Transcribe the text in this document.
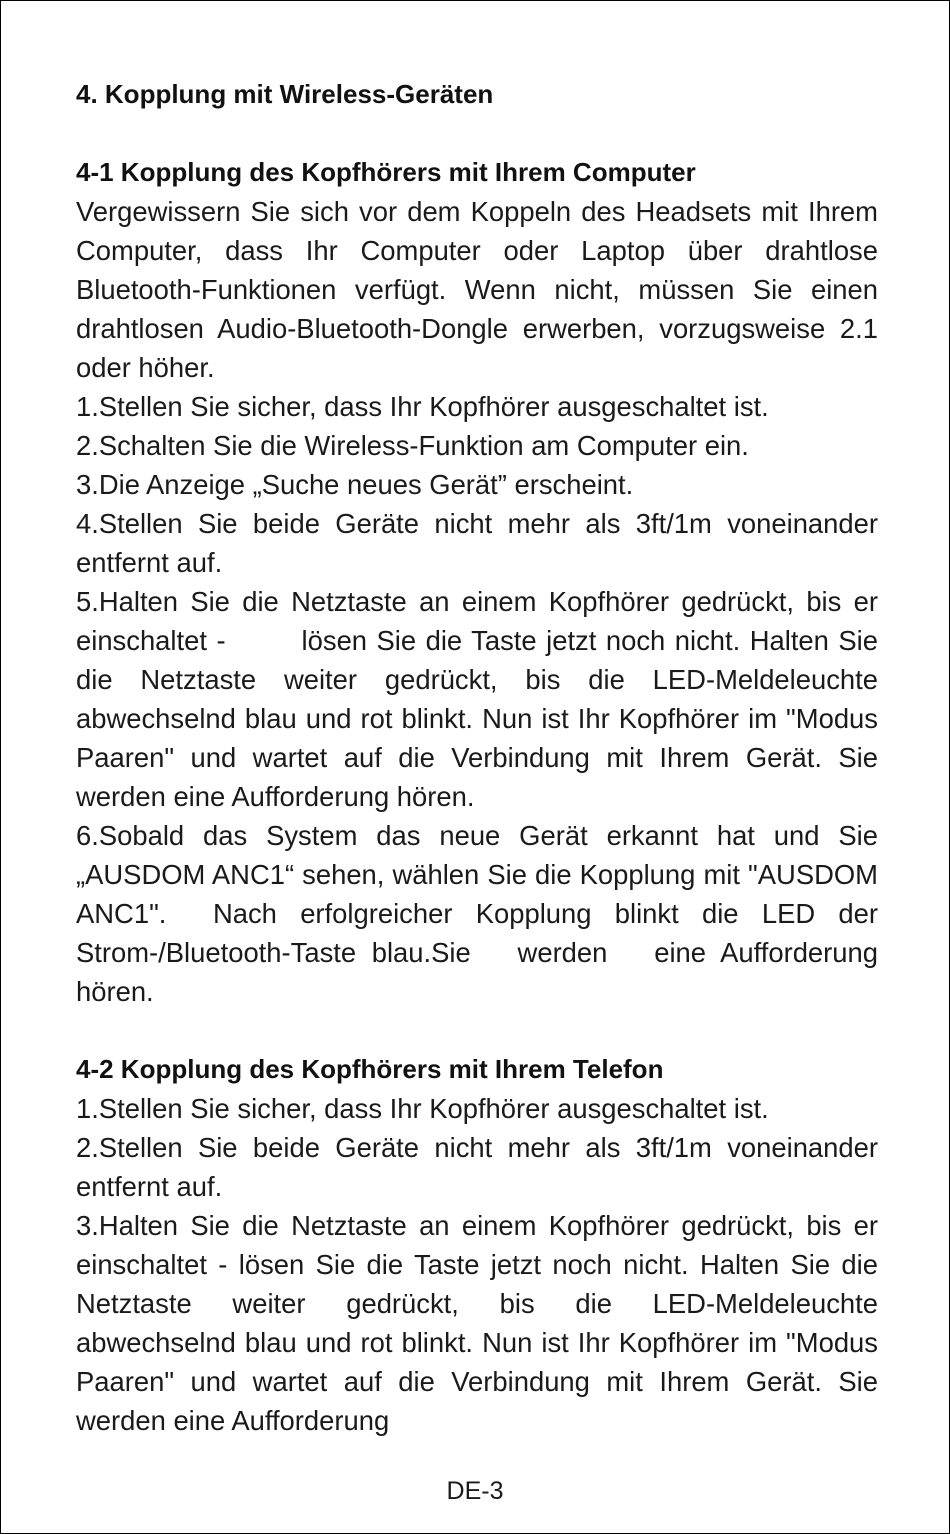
4. Kopplung mit Wireless-Geräten
4-1 Kopplung des Kopfhörers mit Ihrem Computer

Vergewissern Sie sich vor dem Koppeln des Headsets mit Ihrem Computer, dass Ihr Computer oder Laptop über drahtlose Bluetooth-Funktionen verfügt. Wenn nicht, müssen Sie einen drahtlosen Audio-Bluetooth-Dongle erwerben, vorzugsweise 2.1 oder höher.

1.Stellen Sie sicher, dass Ihr Kopfhörer ausgeschaltet ist.

2.Schalten Sie die Wireless-Funktion am Computer ein.

3.Die Anzeige „Suche neues Gerät” erscheint.

4.Stellen Sie beide Geräte nicht mehr als 3ft/1m voneinander entfernt auf.

5.Halten Sie die Netztaste an einem Kopfhörer gedrückt, bis er einschaltet -        lösen Sie die Taste jetzt noch nicht. Halten Sie die Netztaste weiter gedrückt, bis die LED-Meldeleuchte abwechselnd blau und rot blinkt. Nun ist Ihr Kopfhörer im "Modus Paaren" und wartet auf die Verbindung mit Ihrem Gerät. Sie werden eine Aufforderung hören.

6.Sobald das System das neue Gerät erkannt hat und Sie „AUSDOM ANC1“ sehen, wählen Sie die Kopplung mit "AUSDOM ANC1".  Nach erfolgreicher Kopplung blinkt die LED der Strom-/Bluetooth-Taste blau.Sie   werden   eine Aufforderung hören.

4-2 Kopplung des Kopfhörers mit Ihrem Telefon

1.Stellen Sie sicher, dass Ihr Kopfhörer ausgeschaltet ist.

2.Stellen Sie beide Geräte nicht mehr als 3ft/1m voneinander entfernt auf.

3.Halten Sie die Netztaste an einem Kopfhörer gedrückt, bis er einschaltet - lösen Sie die Taste jetzt noch nicht. Halten Sie die Netztaste weiter gedrückt, bis die LED-Meldeleuchte abwechselnd blau und rot blinkt. Nun ist Ihr Kopfhörer im "Modus Paaren" und wartet auf die Verbindung mit Ihrem Gerät. Sie werden eine Aufforderung

DE-3
